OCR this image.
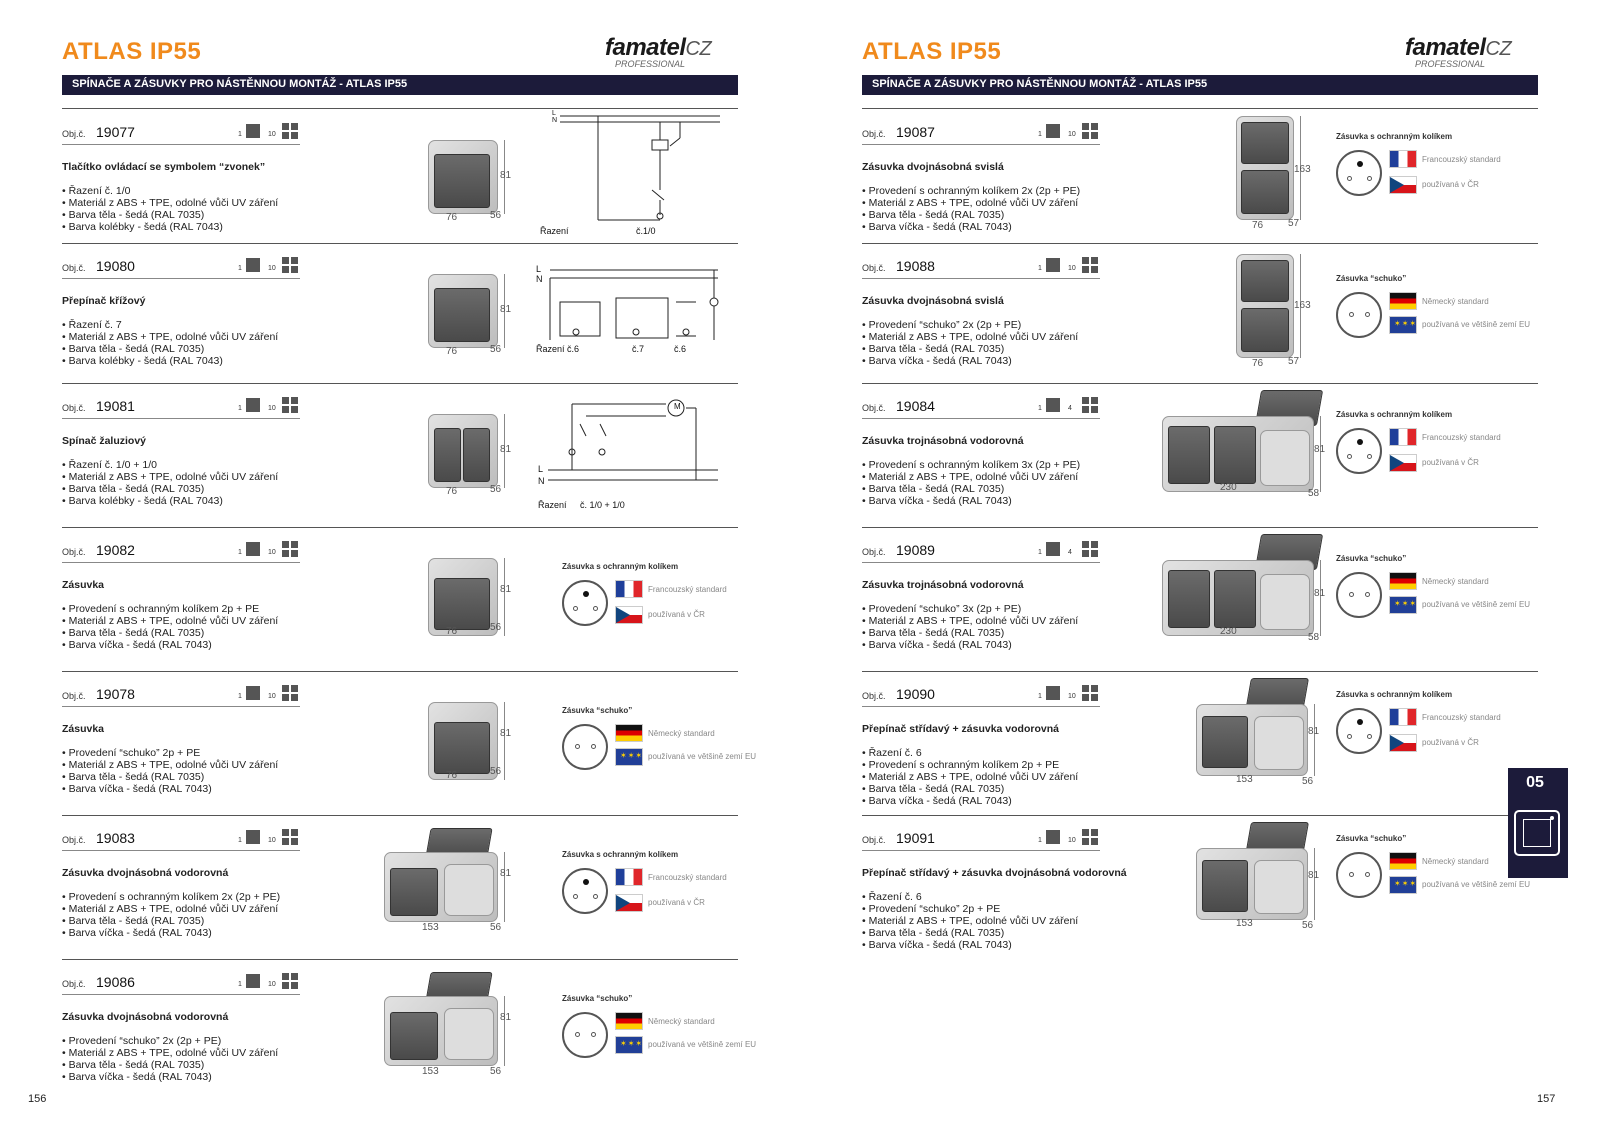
ATLAS IP55	famatelCZ
PROFESSIONAL
SPÍNAČE A ZÁSUVKY PRO NÁSTĚNNOU MONTÁŽ - ATLAS IP55
Obj.č. 19077	1	10
Tlačítko ovládací se symbolem “zvonek”
• Řazení č. 1/0
• Materiál z ABS + TPE, odolné vůči UV záření
• Barva těla - šedá (RAL 7035)
• Barva kolébky - šedá (RAL 7043)
81
76	56
L
N
Řazení	č.1/0
Obj.č. 19080	1	10
Přepínač křížový
• Řazení č. 7
• Materiál z ABS + TPE, odolné vůči UV záření
• Barva těla - šedá (RAL 7035)
• Barva kolébky - šedá (RAL 7043)
81
76	56
L
N
Řazení č.6	č.7	č.6
Obj.č. 19081	1	10
Spínač žaluziový
• Řazení č. 1/0 + 1/0
• Materiál z ABS + TPE, odolné vůči UV záření
• Barva těla - šedá (RAL 7035)
• Barva kolébky - šedá (RAL 7043)
81
76	56
M
L
N
Řazení č. 1/0 + 1/0
Obj.č. 19082	1	10
Zásuvka
• Provedení s ochranným kolíkem 2p + PE
• Materiál z ABS + TPE, odolné vůči UV záření
• Barva těla - šedá (RAL 7035)
• Barva víčka - šedá (RAL 7043)
81
76	56
Zásuvka s ochranným kolíkem
Francouzský standard
používaná v ČR
Obj.č. 19078	1	10
Zásuvka
• Provedení “schuko” 2p + PE
• Materiál z ABS + TPE, odolné vůči UV záření
• Barva těla - šedá (RAL 7035)
• Barva víčka - šedá (RAL 7043)
81
76	56
Zásuvka “schuko”
Německý standard
✶✶✶
používaná ve většině zemí EU
Obj.č. 19083	1	10
Zásuvka dvojnásobná vodorovná
• Provedení s ochranným kolíkem 2x (2p + PE)
• Materiál z ABS + TPE, odolné vůči UV záření
• Barva těla - šedá (RAL 7035)
• Barva víčka - šedá (RAL 7043)
81
153	56
Zásuvka s ochranným kolíkem
Francouzský standard
používaná v ČR
Obj.č. 19086	1	10
Zásuvka dvojnásobná vodorovná
• Provedení “schuko” 2x (2p + PE)
• Materiál z ABS + TPE, odolné vůči UV záření
• Barva těla - šedá (RAL 7035)
• Barva víčka - šedá (RAL 7043)
81
153	56
Zásuvka “schuko”
Německý standard
✶✶✶
používaná ve většině zemí EU
156
ATLAS IP55	famatelCZ
PROFESSIONAL
SPÍNAČE A ZÁSUVKY PRO NÁSTĚNNOU MONTÁŽ - ATLAS IP55
Obj.č. 19087	1	10
Zásuvka dvojnásobná svislá
• Provedení s ochranným kolíkem 2x (2p + PE)
• Materiál z ABS + TPE, odolné vůči UV záření
• Barva těla - šedá (RAL 7035)
• Barva víčka - šedá (RAL 7043)
163
76 57
Zásuvka s ochranným kolíkem
Francouzský standard
používaná v ČR
Obj.č. 19088	1	10
Zásuvka dvojnásobná svislá
• Provedení “schuko” 2x (2p + PE)
• Materiál z ABS + TPE, odolné vůči UV záření
• Barva těla - šedá (RAL 7035)
• Barva víčka - šedá (RAL 7043)
163
76 57
Zásuvka “schuko”
Německý standard
✶✶✶
používaná ve většině zemí EU
Obj.č. 19084	1	4
Zásuvka trojnásobná vodorovná
• Provedení s ochranným kolíkem 3x (2p + PE)
• Materiál z ABS + TPE, odolné vůči UV záření
• Barva těla - šedá (RAL 7035)
• Barva víčka - šedá (RAL 7043)
81
230
58
Zásuvka s ochranným kolíkem
Francouzský standard
používaná v ČR
Obj.č. 19089	1	4
Zásuvka trojnásobná vodorovná
• Provedení “schuko” 3x (2p + PE)
• Materiál z ABS + TPE, odolné vůči UV záření
• Barva těla - šedá (RAL 7035)
• Barva víčka - šedá (RAL 7043)
81
230
58
Zásuvka “schuko”
Německý standard
✶✶✶
používaná ve většině zemí EU
Obj.č. 19090	1	10
Přepínač střídavý + zásuvka vodorovná
• Řazení č. 6
• Provedení s ochranným kolíkem 2p + PE
• Materiál z ABS + TPE, odolné vůči UV záření
• Barva těla - šedá (RAL 7035)
• Barva víčka - šedá (RAL 7043)
81
153	56
Zásuvka s ochranným kolíkem
Francouzský standard
používaná v ČR
Obj.č. 19091	1	10
Přepínač střídavý + zásuvka dvojnásobná vodorovná
• Řazení č. 6
• Provedení “schuko” 2p + PE
• Materiál z ABS + TPE, odolné vůči UV záření
• Barva těla - šedá (RAL 7035)
• Barva víčka - šedá (RAL 7043)
81
153	56
Zásuvka “schuko”
Německý standard
✶✶✶
používaná ve většině zemí EU
157
05
